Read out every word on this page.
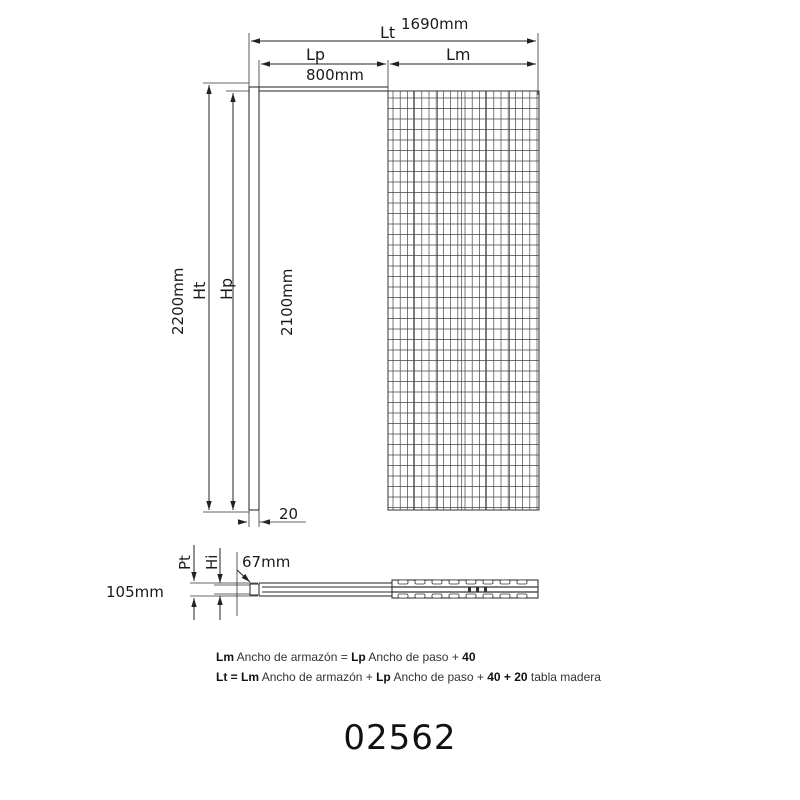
Lt 1690mm
Lp
800mm
Lm
2200mm Ht Hp	2100mm
20
Pt Hi 67mm
105mm
Lm Ancho de armazón = Lp Ancho de paso + 40
Lt = Lm Ancho de armazón + Lp Ancho de paso + 40 + 20 tabla madera
02562
